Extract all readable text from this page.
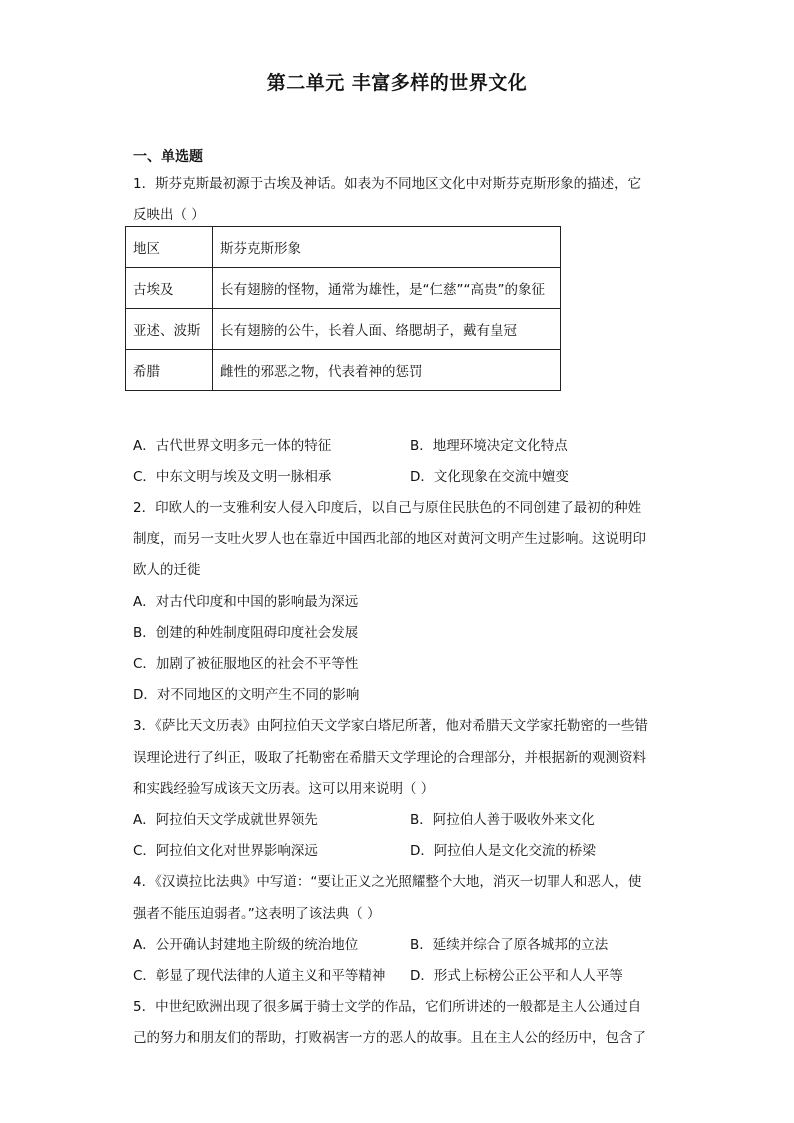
第二单元 丰富多样的世界文化
一、单选题
1．斯芬克斯最初源于古埃及神话。如表为不同地区文化中对斯芬克斯形象的描述，它
反映出（ ）
地区	斯芬克斯形象
古埃及	长有翅膀的怪物，通常为雄性，是“仁慈”“高贵”的象征
亚述、波斯	长有翅膀的公牛，长着人面、络腮胡子，戴有皇冠
希腊	雌性的邪恶之物，代表着神的惩罚
A．古代世界文明多元一体的特征	B．地理环境决定文化特点
C．中东文明与埃及文明一脉相承	D．文化现象在交流中嬗变
2．印欧人的一支雅利安人侵入印度后，以自己与原住民肤色的不同创建了最初的种姓
制度，而另一支吐火罗人也在靠近中国西北部的地区对黄河文明产生过影响。这说明印
欧人的迁徙
A．对古代印度和中国的影响最为深远
B．创建的种姓制度阻碍印度社会发展
C．加剧了被征服地区的社会不平等性
D．对不同地区的文明产生不同的影响
3．《萨比天文历表》由阿拉伯天文学家白塔尼所著，他对希腊天文学家托勒密的一些错
误理论进行了纠正，吸取了托勒密在希腊天文学理论的合理部分，并根据新的观测资料
和实践经验写成该天文历表。这可以用来说明（ ）
A．阿拉伯天文学成就世界领先	B．阿拉伯人善于吸收外来文化
C．阿拉伯文化对世界影响深远	D．阿拉伯人是文化交流的桥梁
4．《汉谟拉比法典》中写道：“要让正义之光照耀整个大地，消灭一切罪人和恶人，使
强者不能压迫弱者。”这表明了该法典（ ）
A．公开确认封建地主阶级的统治地位	B．延续并综合了原各城邦的立法
C．彰显了现代法律的人道主义和平等精神 D．形式上标榜公正公平和人人平等
5．中世纪欧洲出现了很多属于骑士文学的作品，它们所讲述的一般都是主人公通过自
己的努力和朋友们的帮助，打败祸害一方的恶人的故事。且在主人公的经历中，包含了
